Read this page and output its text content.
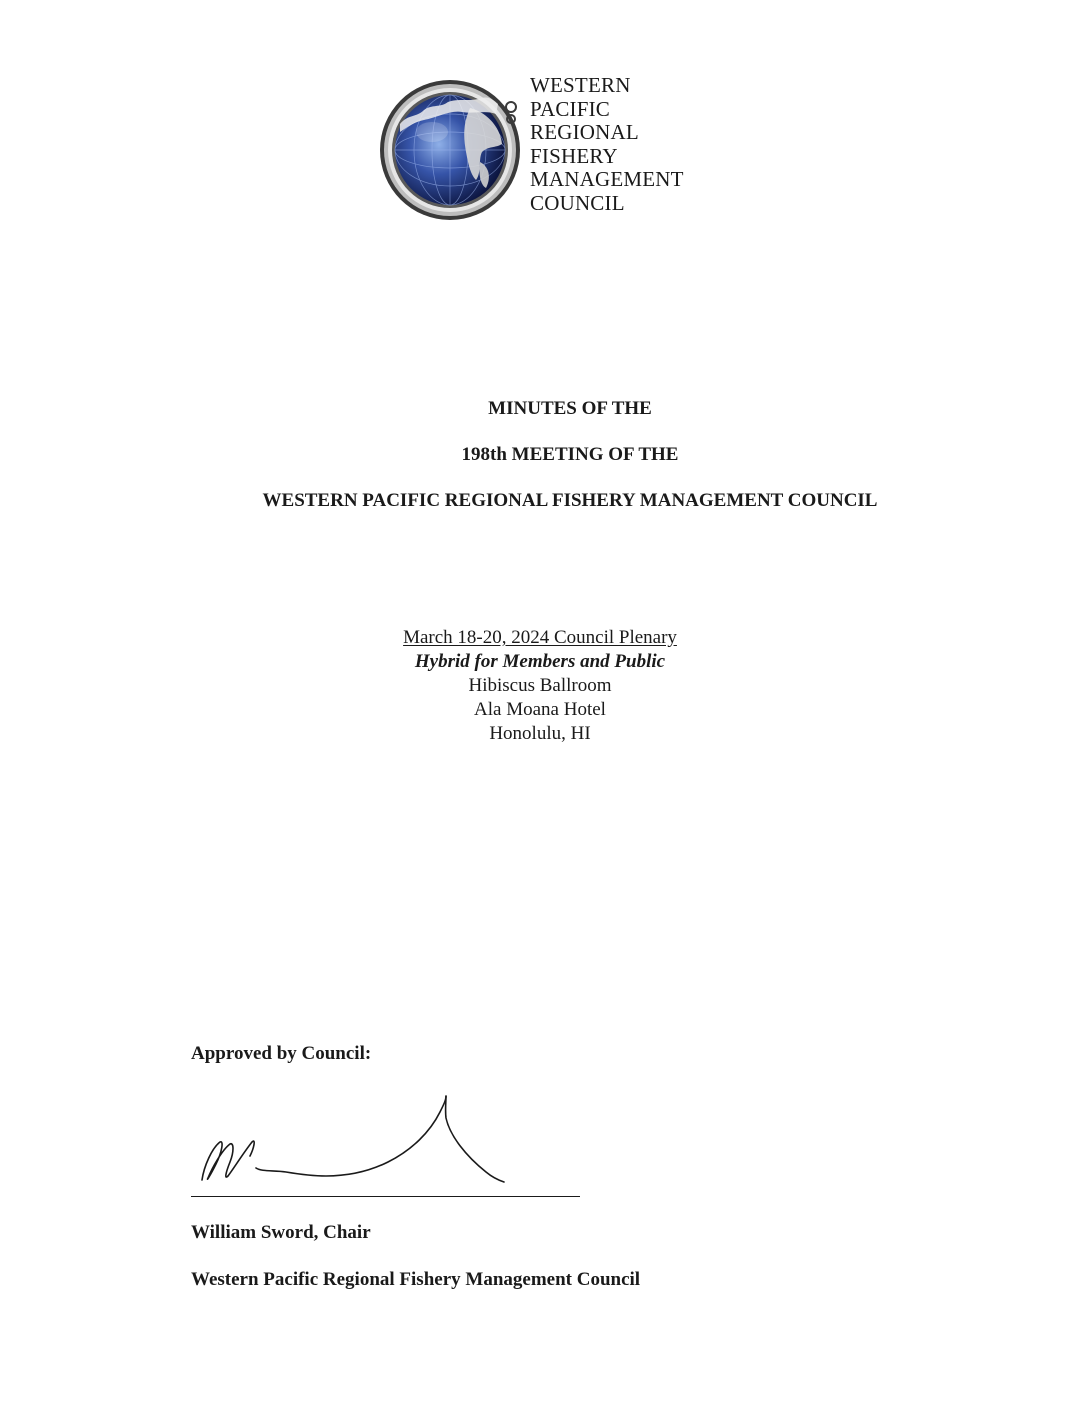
WESTERN
PACIFIC
REGIONAL
FISHERY
MANAGEMENT
COUNCIL
MINUTES OF THE
198th MEETING OF THE
WESTERN PACIFIC REGIONAL FISHERY MANAGEMENT COUNCIL
March 18-20, 2024 Council Plenary
Hybrid for Members and Public
Hibiscus Ballroom
Ala Moana Hotel
Honolulu, HI
Approved by Council:
William Sword, Chair
Western Pacific Regional Fishery Management Council
